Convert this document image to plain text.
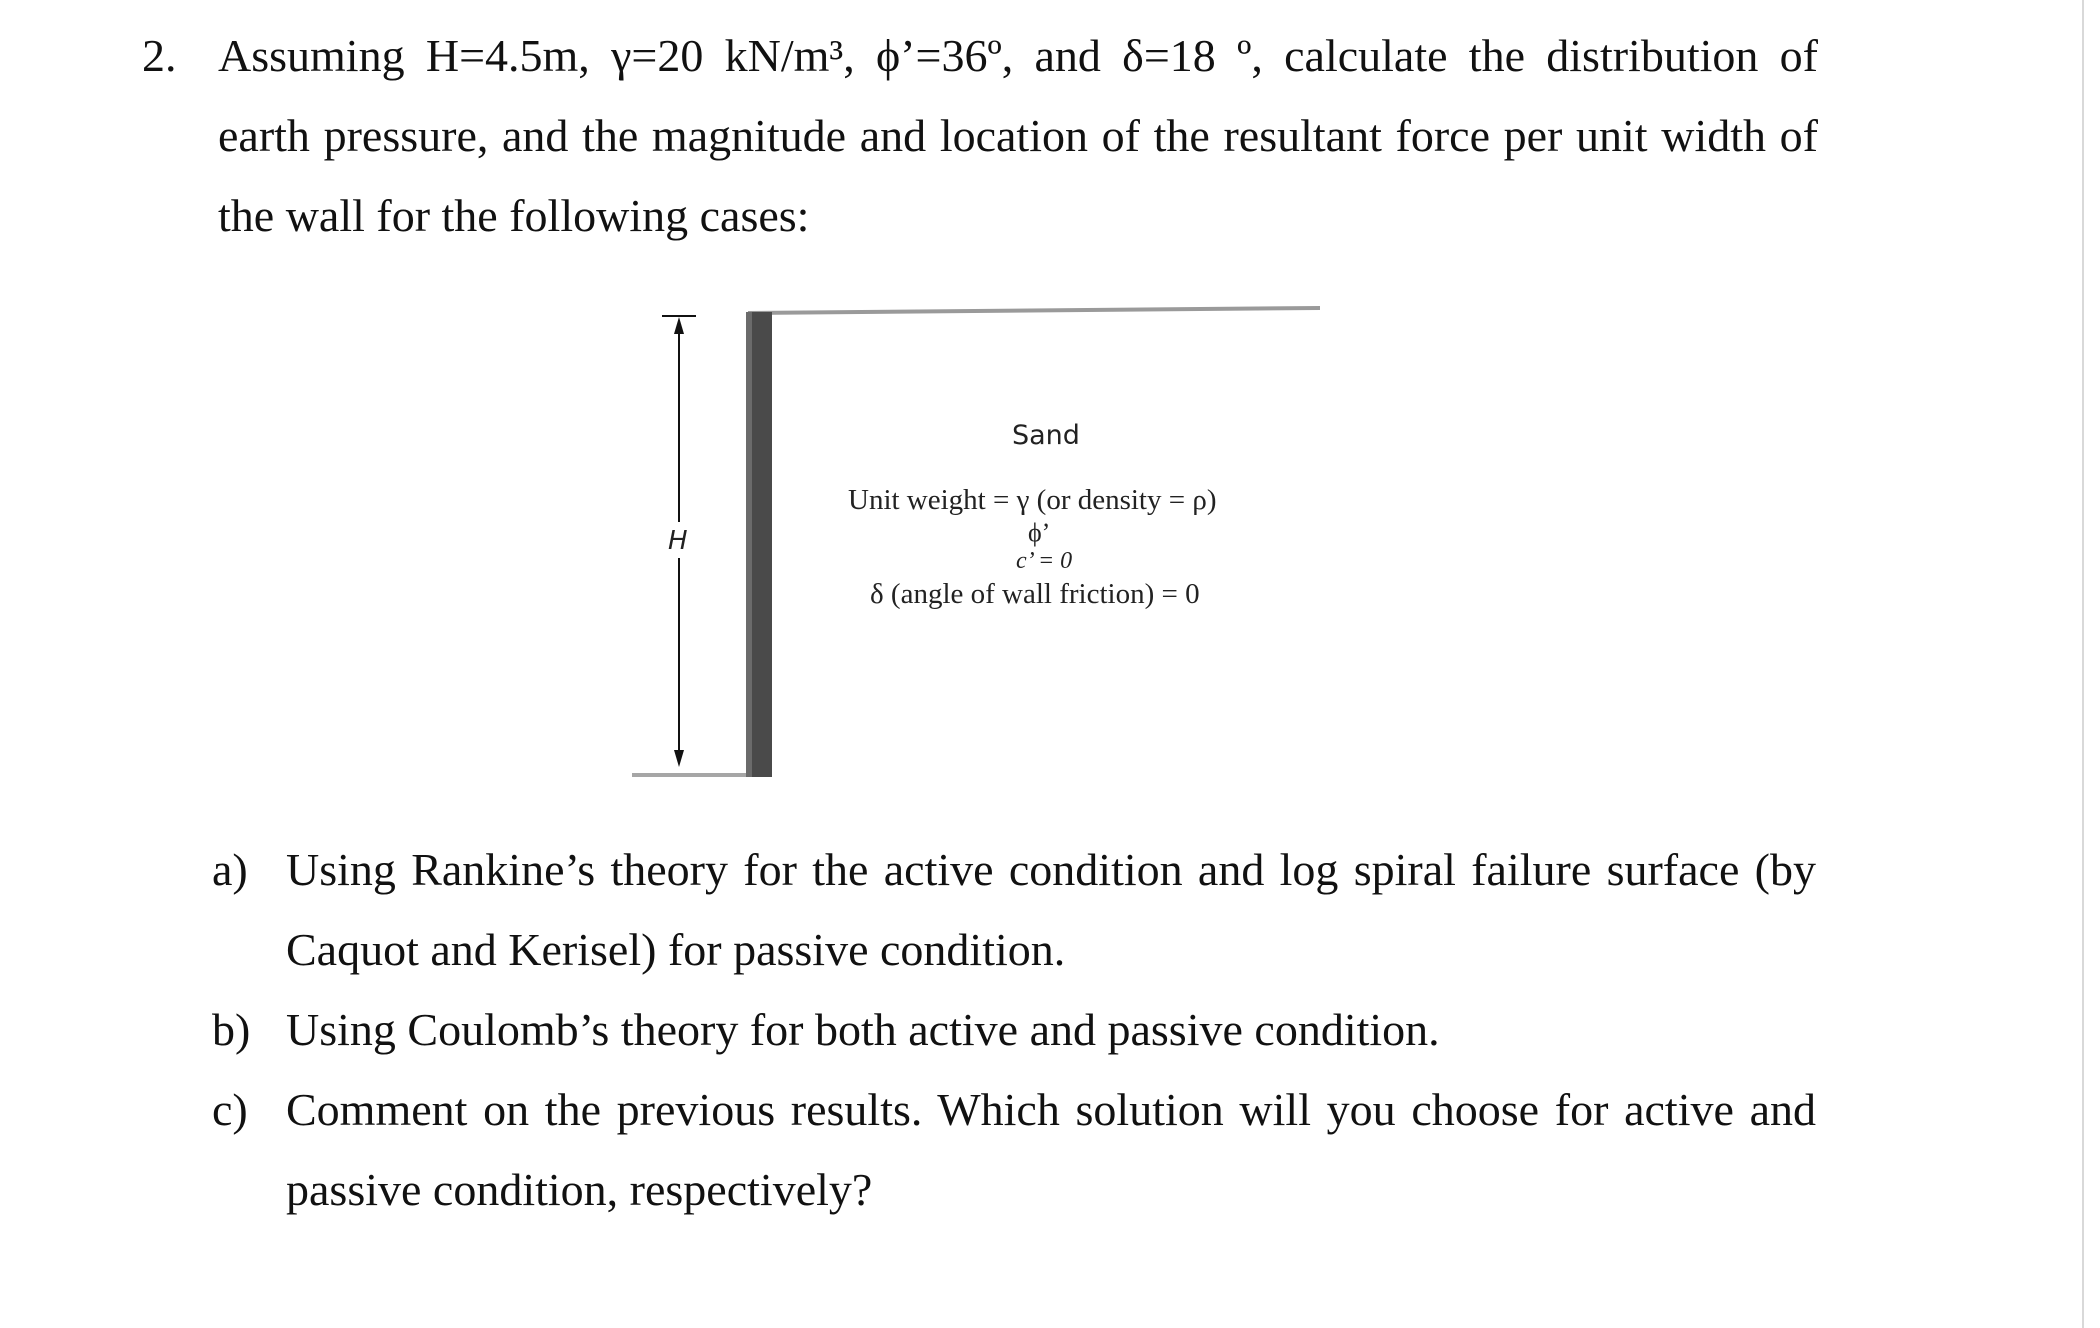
2. Assuming H=4.5m, γ=20 kN/m³, ϕ’=36º, and δ=18 º, calculate the distribution of
earth pressure, and the magnitude and location of the resultant force per unit width of
the wall for the following cases:
H
Sand
Unit weight = γ (or density = ρ)
ϕ’
c’ = 0
δ (angle of wall friction) = 0
a) Using Rankine’s theory for the active condition and log spiral failure surface (by
Caquot and Kerisel) for passive condition.
b) Using Coulomb’s theory for both active and passive condition.
c) Comment on the previous results. Which solution will you choose for active and
passive condition, respectively?
